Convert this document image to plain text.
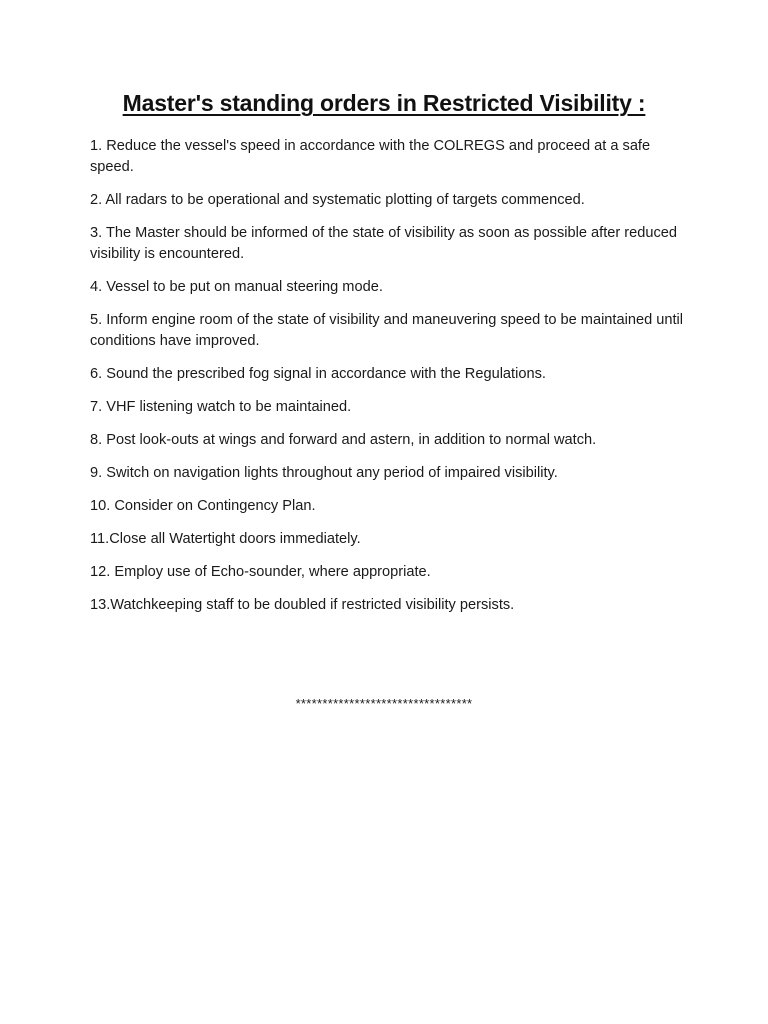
Master's standing orders in Restricted Visibility :
1. Reduce the vessel's speed in accordance with the COLREGS and proceed at a safe speed.
2. All radars to be operational and systematic plotting of targets commenced.
3. The Master should be informed of the state of visibility as soon as possible after reduced visibility is encountered.
4. Vessel to be put on manual steering mode.
5. Inform engine room of the state of visibility and maneuvering speed to be maintained until conditions have improved.
6. Sound the prescribed fog signal in accordance with the Regulations.
7. VHF listening watch to be maintained.
8. Post look-outs at wings and forward and astern, in addition to normal watch.
9. Switch on navigation lights throughout any period of impaired visibility.
10. Consider on Contingency Plan.
11.Close all Watertight doors immediately.
12. Employ use of Echo-sounder, where appropriate.
13.Watchkeeping staff to be doubled if restricted visibility persists.
*********************************
